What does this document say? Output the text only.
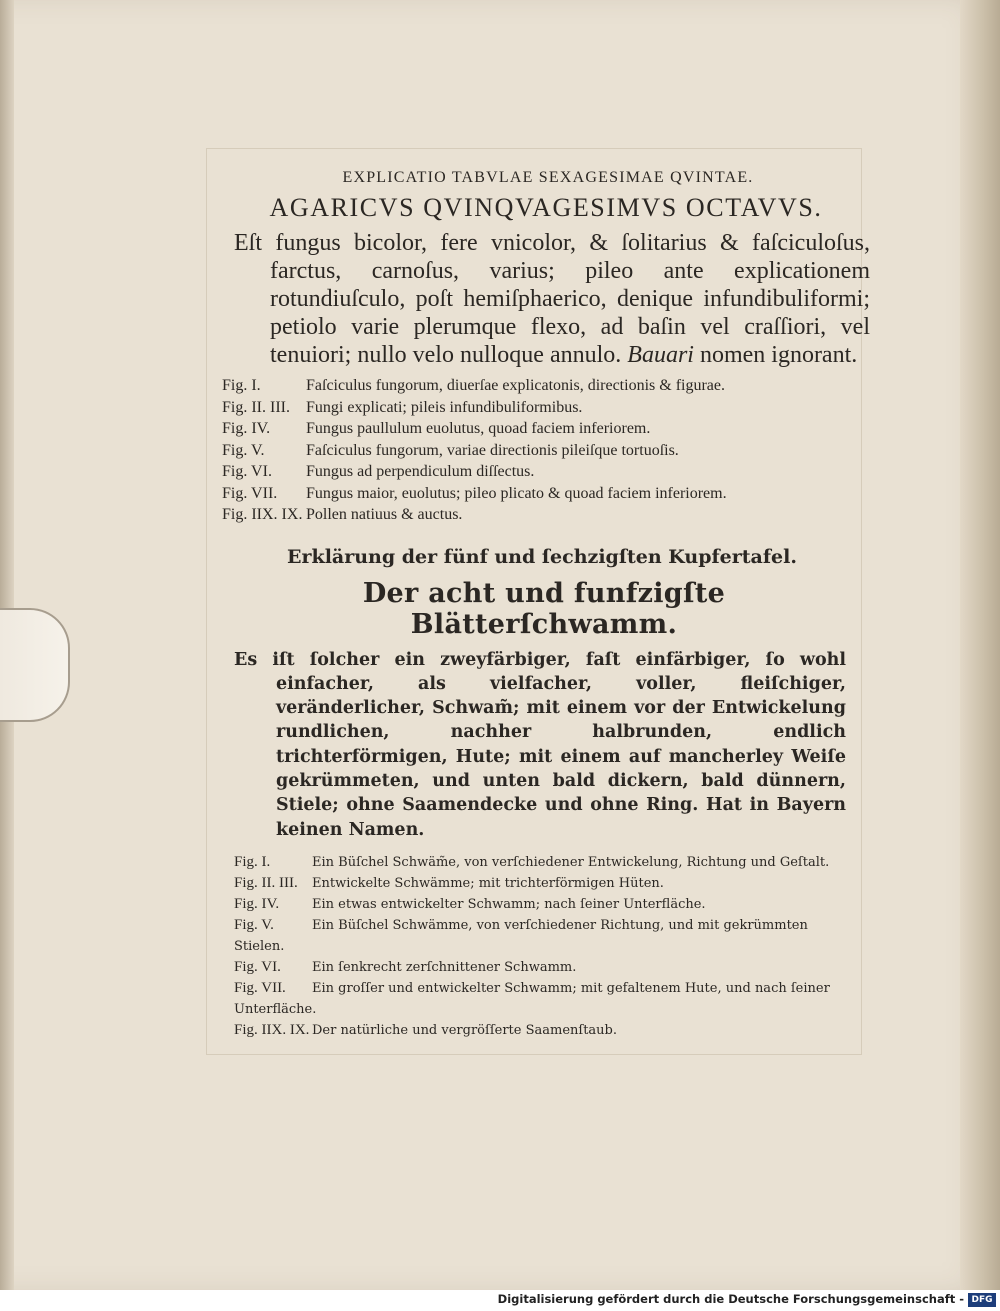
EXPLICATIO TABVLAE SEXAGESIMAE QVINTAE.
AGARICVS QVINQVAGESIMVS OCTAVVS.
Eſt fungus bicolor, fere vnicolor, & ſolitarius & faſciculoſus, farctus, carnoſus, varius; pileo ante explicationem rotundiuſculo, poſt hemiſphaerico, denique infundibuliformi; petiolo varie plerumque flexo, ad baſin vel craſſiori, vel tenuiori; nullo velo nulloque annulo. Bauari nomen ignorant.
Fig. I.	Faſciculus fungorum, diuerſae explicatonis, directionis & figurae.
Fig. II. III. Fungi explicati; pileis infundibuliformibus.
Fig. IV. Fungus paullulum euolutus, quoad faciem inferiorem.
Fig. V.	Faſciculus fungorum, variae directionis pileiſque tortuoſis.
Fig. VI. Fungus ad perpendiculum diſſectus.
Fig. VII. Fungus maior, euolutus; pileo plicato & quoad faciem inferiorem.
Fig. IIX. IX. Pollen natiuus & auctus.
Erklärung der fünf und ſechzigſten Kupfertafel.
Der acht und funfzigſte Blätterſchwamm.
Es iſt ſolcher ein zweyfärbiger, faſt einfärbiger, ſo wohl einfacher, als vielfacher, voller, fleiſchiger, veränderlicher, Schwam̃; mit einem vor der Entwickelung rundlichen, nachher halbrunden, endlich trichterförmigen, Hute; mit einem auf mancherley Weiſe gekrümmeten, und unten bald dickern, bald dünnern, Stiele; ohne Saamendecke und ohne Ring. Hat in Bayern keinen Namen.
Fig. I.	Ein Büſchel Schwäm̃e, von verſchiedener Entwickelung, Richtung und Geſtalt.
Fig. II. III. Entwickelte Schwämme; mit trichterförmigen Hüten.
Fig. IV.	Ein etwas entwickelter Schwamm; nach ſeiner Unterfläche.
Fig. V.	Ein Büſchel Schwämme, von verſchiedener Richtung, und mit gekrümmten Stielen.
Fig. VI. Ein ſenkrecht zerſchnittener Schwamm.
Fig. VII. Ein groſſer und entwickelter Schwamm; mit gefaltenem Hute, und nach ſeiner Unterfläche.
Fig. IIX. IX. Der natürliche und vergröſſerte Saamenſtaub.
Digitalisierung gefördert durch die Deutsche Forschungsgemeinschaft - DFG
